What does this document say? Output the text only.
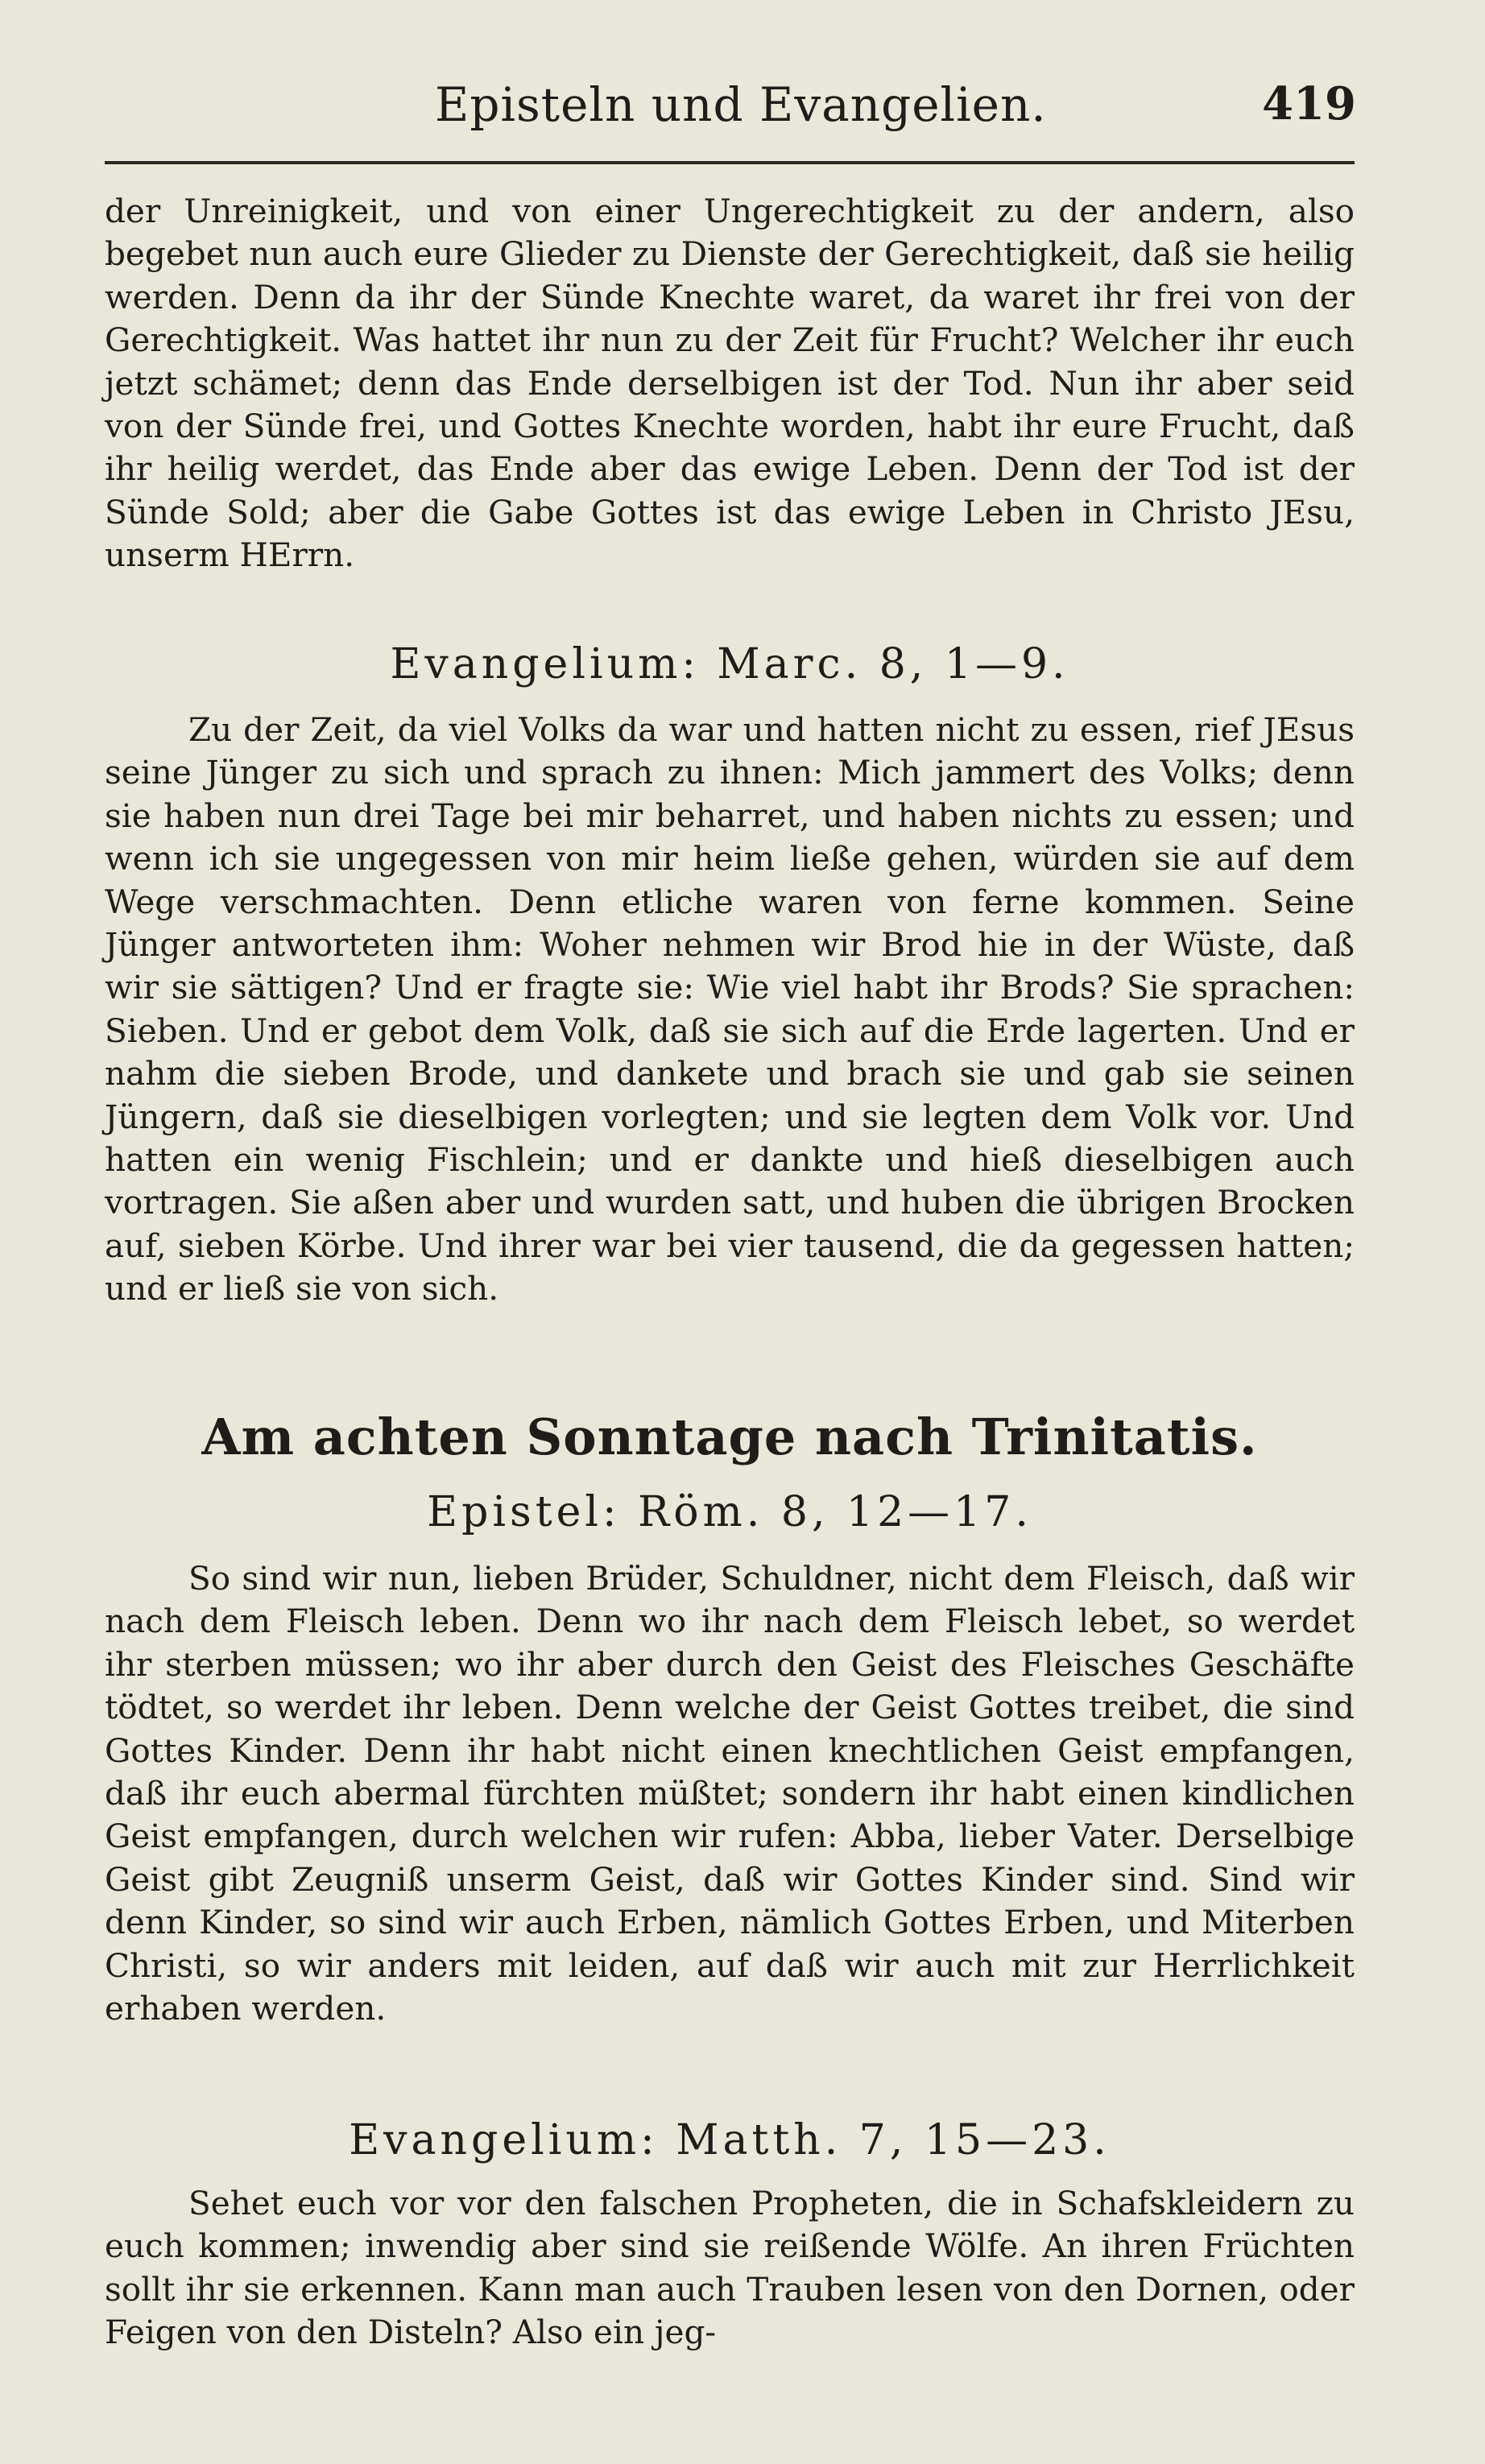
Episteln und Evangelien.	419
der Unreinigkeit, und von einer Ungerechtigkeit zu der andern, also begebet nun auch eure Glieder zu Dienste der Gerechtigkeit, daß sie heilig werden. Denn da ihr der Sünde Knechte waret, da waret ihr frei von der Gerechtigkeit. Was hattet ihr nun zu der Zeit für Frucht? Welcher ihr euch jetzt schämet; denn das Ende derselbigen ist der Tod. Nun ihr aber seid von der Sünde frei, und Gottes Knechte worden, habt ihr eure Frucht, daß ihr heilig werdet, das Ende aber das ewige Leben. Denn der Tod ist der Sünde Sold; aber die Gabe Gottes ist das ewige Leben in Christo JEsu, unserm HErrn.
Evangelium: Marc. 8, 1—9.
Zu der Zeit, da viel Volks da war und hatten nicht zu essen, rief JEsus seine Jünger zu sich und sprach zu ihnen: Mich jammert des Volks; denn sie haben nun drei Tage bei mir beharret, und haben nichts zu essen; und wenn ich sie ungegessen von mir heim ließe gehen, würden sie auf dem Wege verschmachten. Denn etliche waren von ferne kommen. Seine Jünger antworteten ihm: Woher nehmen wir Brod hie in der Wüste, daß wir sie sättigen? Und er fragte sie: Wie viel habt ihr Brods? Sie sprachen: Sieben. Und er gebot dem Volk, daß sie sich auf die Erde lagerten. Und er nahm die sieben Brode, und dankete und brach sie und gab sie seinen Jüngern, daß sie dieselbigen vorlegten; und sie legten dem Volk vor. Und hatten ein wenig Fischlein; und er dankte und hieß dieselbigen auch vortragen. Sie aßen aber und wurden satt, und huben die übrigen Brocken auf, sieben Körbe. Und ihrer war bei vier tausend, die da gegessen hatten; und er ließ sie von sich.
Am achten Sonntage nach Trinitatis.
Epistel: Röm. 8, 12—17.
So sind wir nun, lieben Brüder, Schuldner, nicht dem Fleisch, daß wir nach dem Fleisch leben. Denn wo ihr nach dem Fleisch lebet, so werdet ihr sterben müssen; wo ihr aber durch den Geist des Fleisches Geschäfte tödtet, so werdet ihr leben. Denn welche der Geist Gottes treibet, die sind Gottes Kinder. Denn ihr habt nicht einen knechtlichen Geist empfangen, daß ihr euch abermal fürchten müßtet; sondern ihr habt einen kindlichen Geist empfangen, durch welchen wir rufen: Abba, lieber Vater. Derselbige Geist gibt Zeugniß unserm Geist, daß wir Gottes Kinder sind. Sind wir denn Kinder, so sind wir auch Erben, nämlich Gottes Erben, und Miterben Christi, so wir anders mit leiden, auf daß wir auch mit zur Herrlichkeit erhaben werden.
Evangelium: Matth. 7, 15—23.
Sehet euch vor vor den falschen Propheten, die in Schafskleidern zu euch kommen; inwendig aber sind sie reißende Wölfe. An ihren Früchten sollt ihr sie erkennen. Kann man auch Trauben lesen von den Dornen, oder Feigen von den Disteln? Also ein jeg-
